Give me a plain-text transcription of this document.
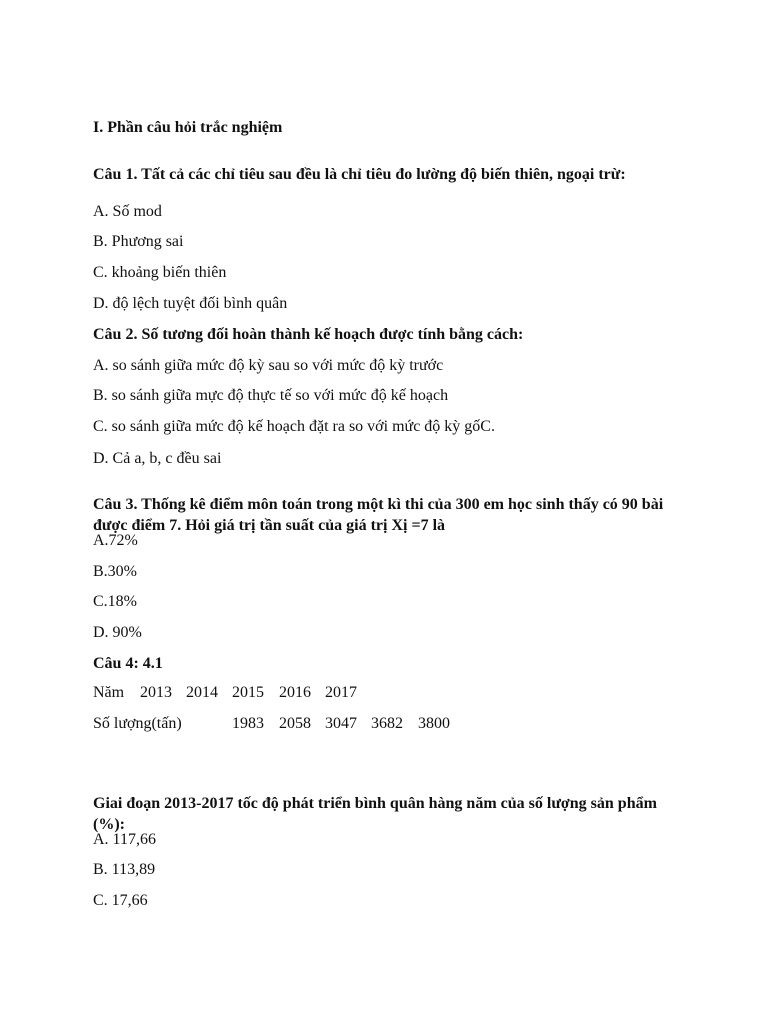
I. Phần câu hỏi trắc nghiệm

Câu 1. Tất cả các chỉ tiêu sau đều là chỉ tiêu đo lường độ biến thiên, ngoại trừ:

A. Số mod

B. Phương sai

C. khoảng biến thiên

D. độ lệch tuyệt đối bình quân

Câu 2. Số tương đối hoàn thành kế hoạch được tính bằng cách:

A. so sánh giữa mức độ kỳ sau so với mức độ kỳ trước

B. so sánh giữa mực độ thực tế so với mức độ kế hoạch

C. so sánh giữa mức độ kế hoạch đặt ra so với mức độ kỳ gốC.

D. Cả a, b, c đều sai

Câu 3. Thống kê điểm môn toán trong một kì thi của 300 em học sinh thấy có 90 bài được điểm 7. Hỏi giá trị tần suất của giá trị Xị =7 là

A.72%

B.30%

C.18%

D. 90%

Câu 4: 4.1

Năm 2013 2014 2015 2016 2017
Số lượng(tấn)	1983 2058 3047 3682 3800

Giai đoạn 2013-2017 tốc độ phát triển bình quân hàng năm của số lượng sản phẩm (%):

A. 117,66

B. 113,89

C. 17,66
